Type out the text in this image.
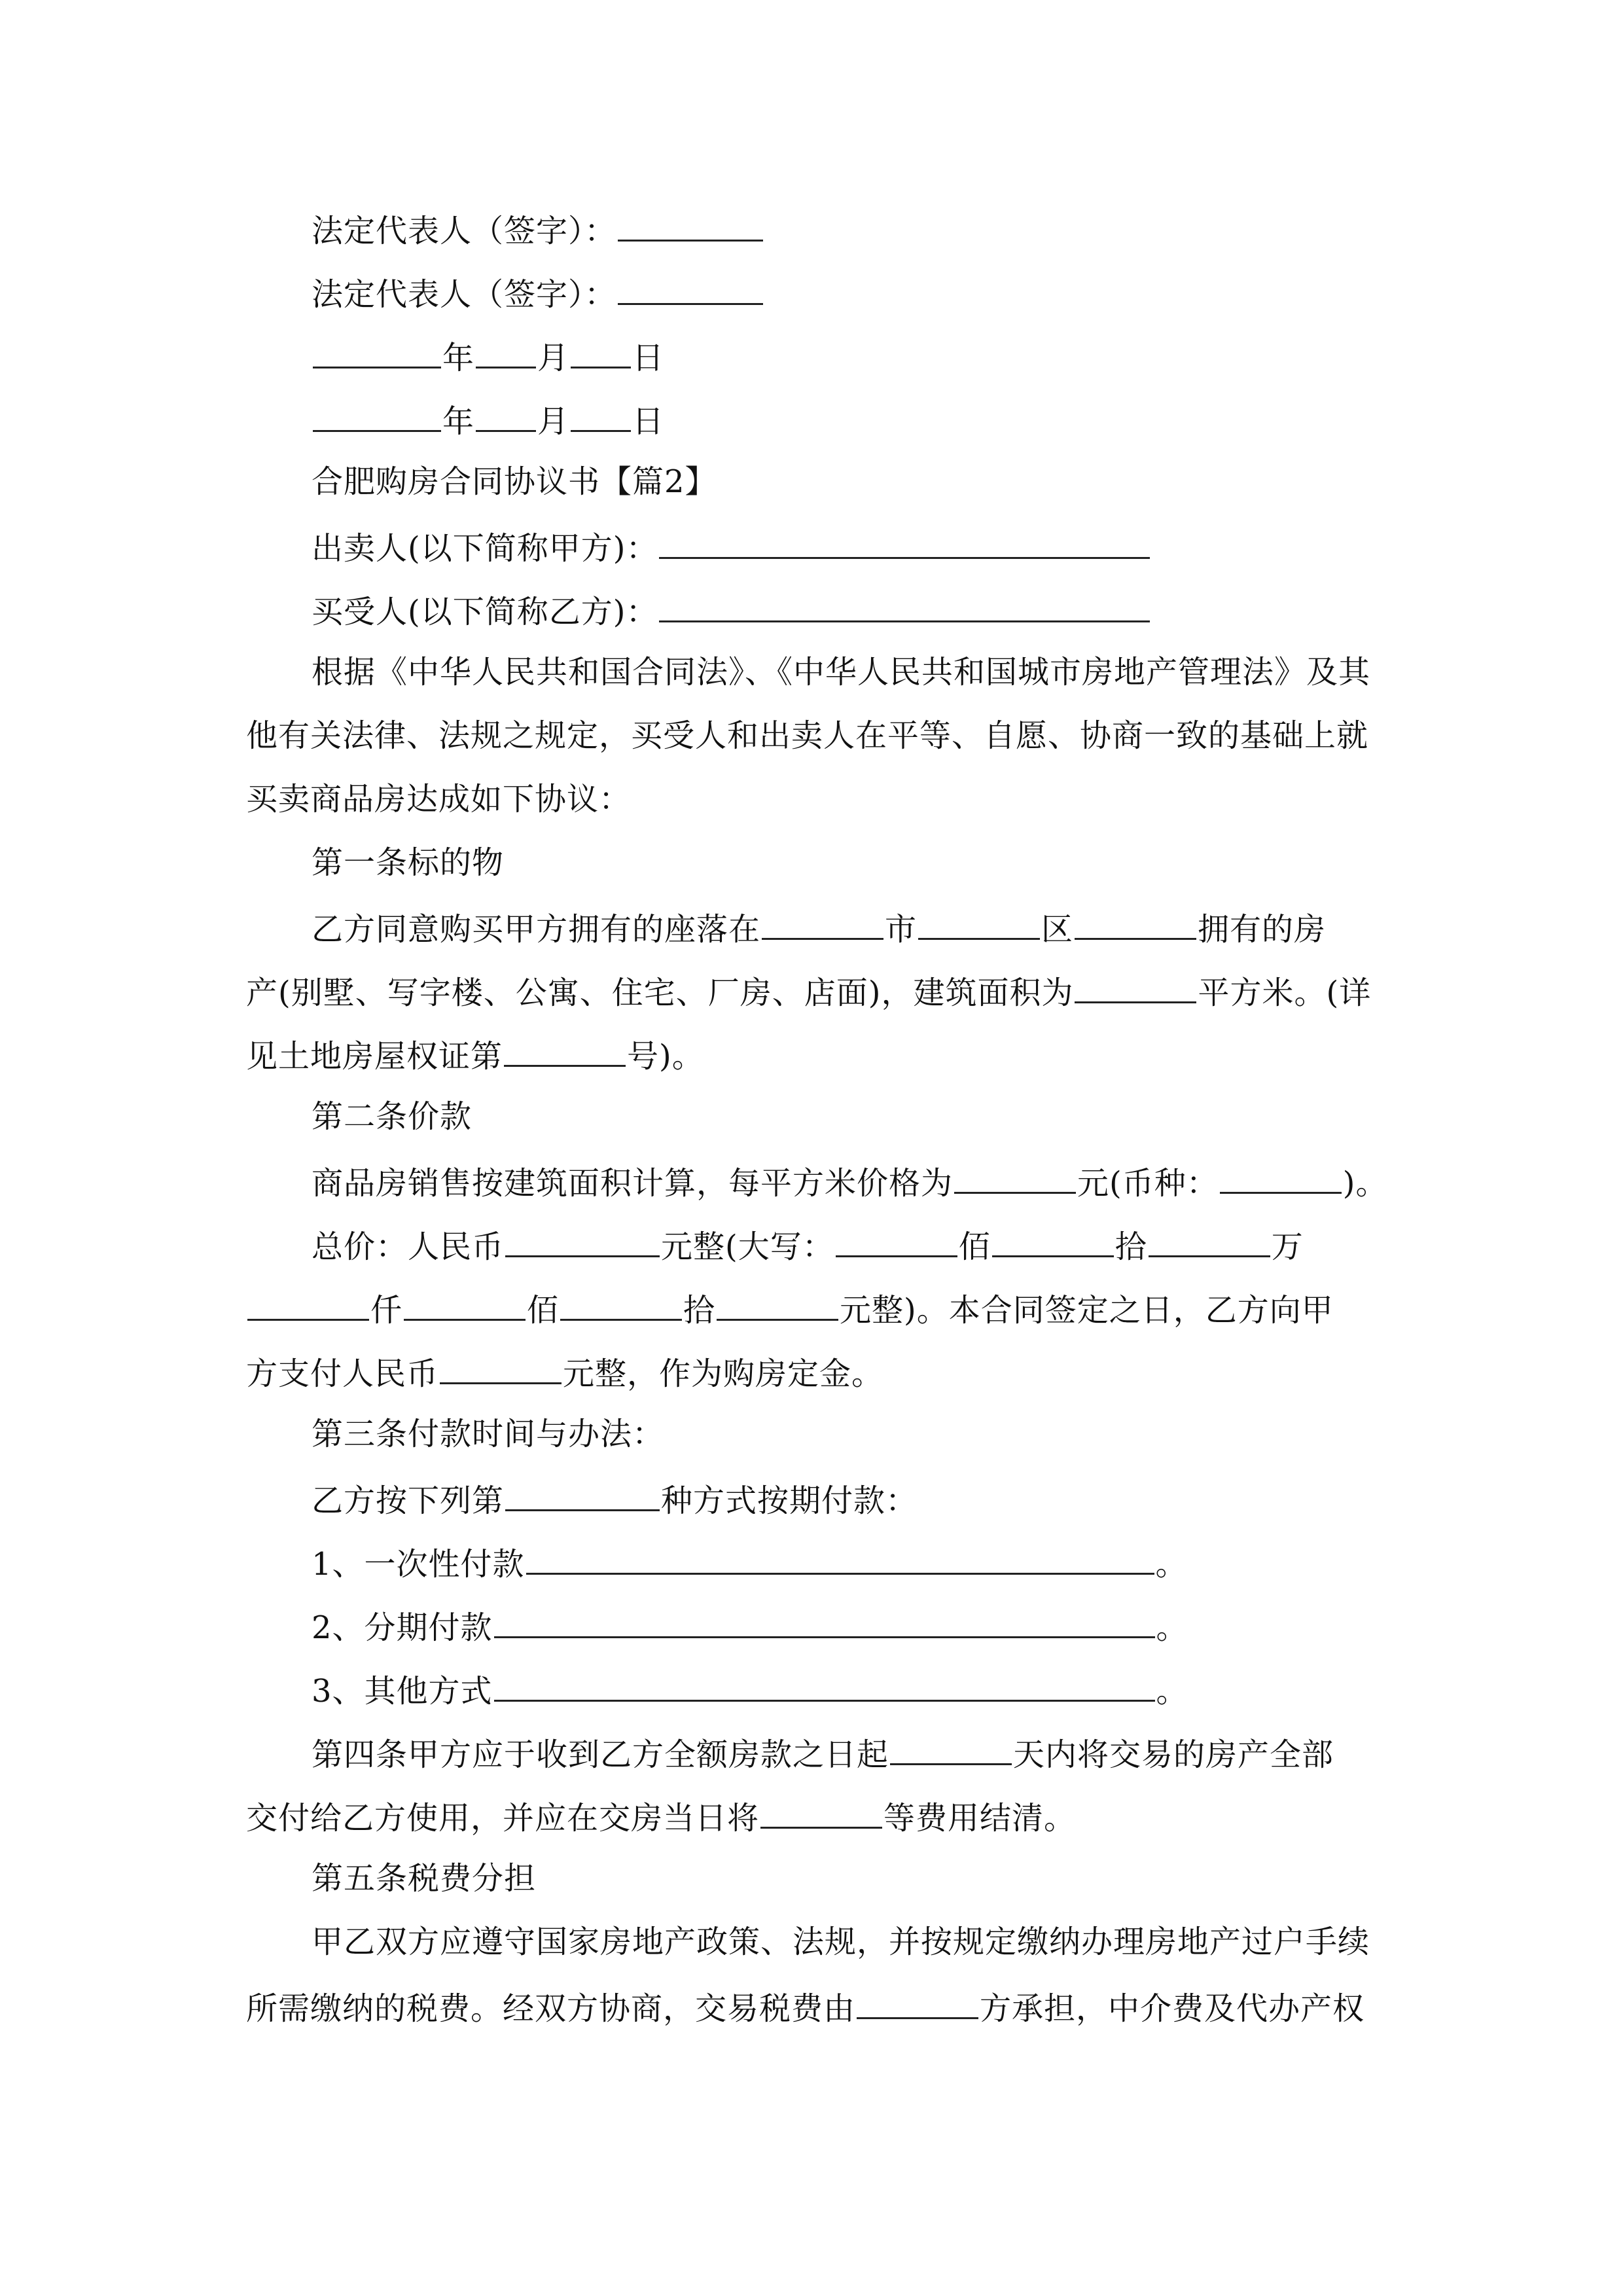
法定代表人（签字）：
法定代表人（签字）：
年 月 日
年 月 日
合肥购房合同协议书【篇2】
出卖人(以下简称甲方)：
买受人(以下简称乙方)：
根据《中华人民共和国合同法》、《中华人民共和国城市房地产管理法》及其
他有关法律、法规之规定，买受人和出卖人在平等、自愿、协商一致的基础上就
买卖商品房达成如下协议：
第一条标的物
乙方同意购买甲方拥有的座落在	市	区	拥有的房
产(别墅、写字楼、公寓、住宅、厂房、店面)，建筑面积为	平方米。(详
见土地房屋权证第	号)。
第二条价款
商品房销售按建筑面积计算，每平方米价格为	元(币种：	)。
总价：人民币	元整(大写：	佰	拾	万
仟	佰	拾	元整)。本合同签定之日，乙方向甲
方支付人民币	元整，作为购房定金。
第三条付款时间与办法：
乙方按下列第	种方式按期付款：
1、一次性付款	。
2、分期付款	。
3、其他方式	。
第四条甲方应于收到乙方全额房款之日起	天内将交易的房产全部
交付给乙方使用，并应在交房当日将	等费用结清。
第五条税费分担
甲乙双方应遵守国家房地产政策、法规，并按规定缴纳办理房地产过户手续
所需缴纳的税费。经双方协商，交易税费由	方承担，中介费及代办产权
